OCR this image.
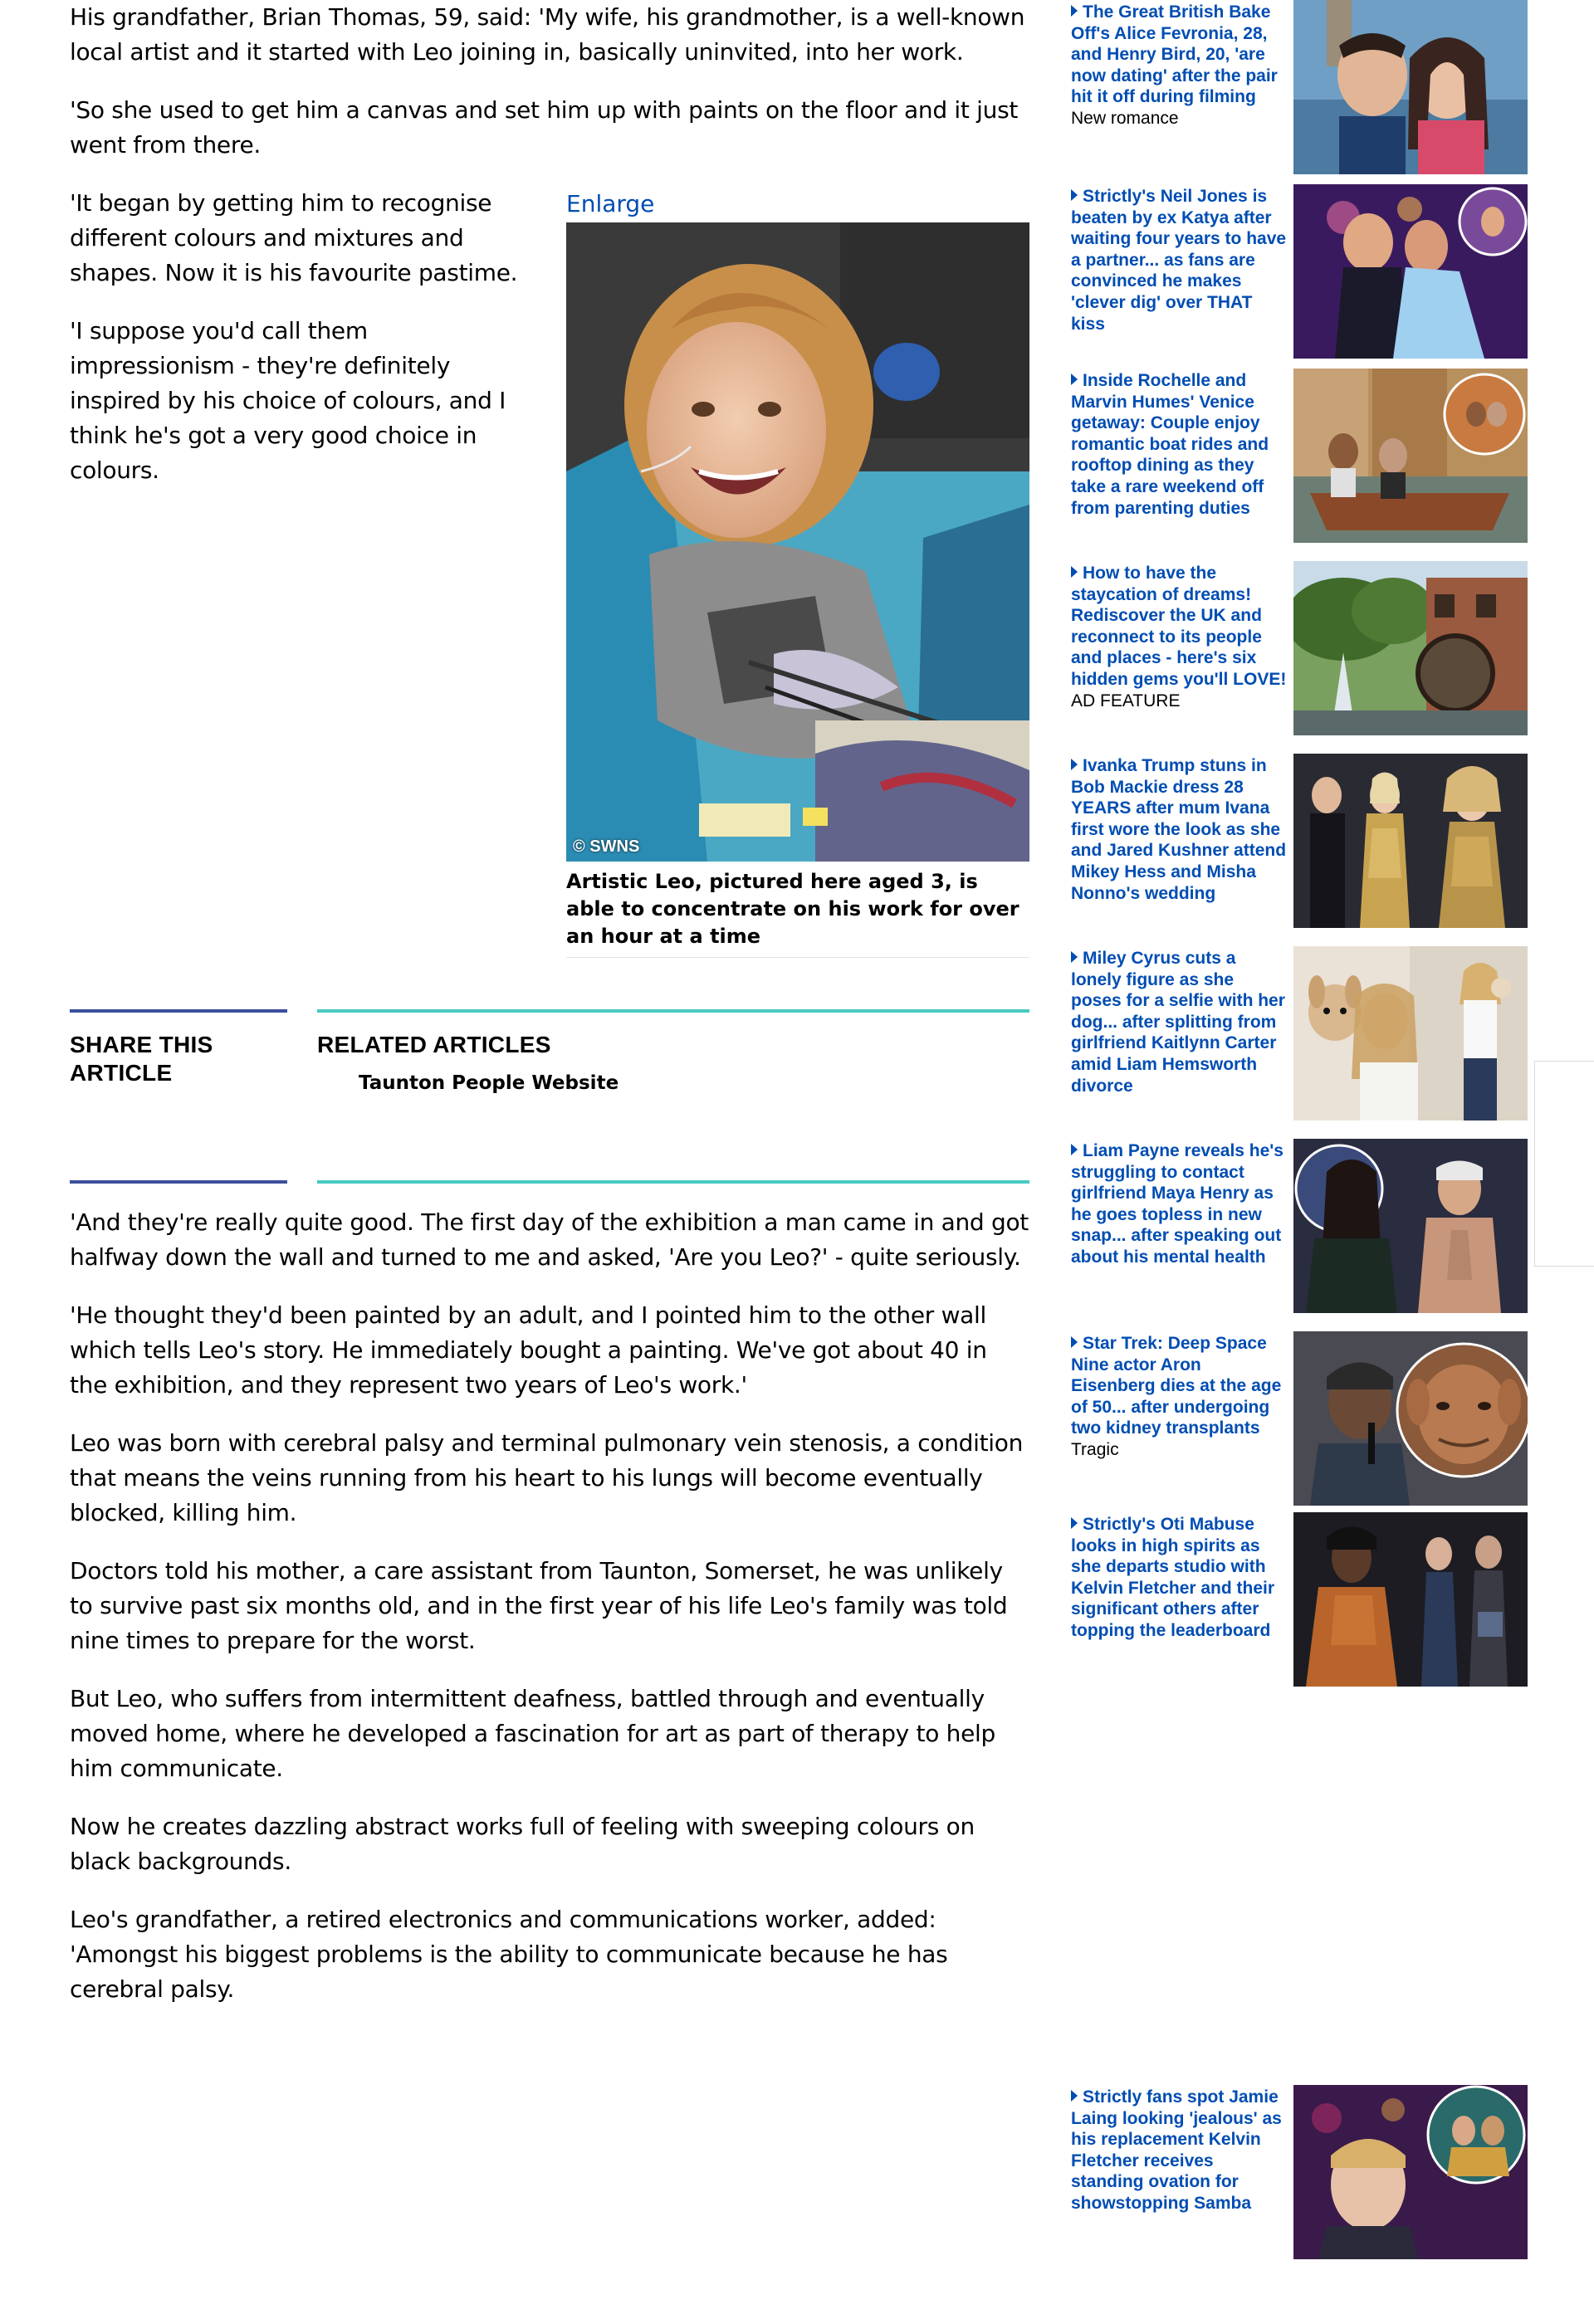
His grandfather, Brian Thomas, 59, said: 'My wife, his grandmother, is a well-known local artist and it started with Leo joining in, basically uninvited, into her work.

'So she used to get him a canvas and set him up with paints on the floor and it just went from there.

'It began by getting him to recognise different colours and mixtures and shapes. Now it is his favourite pastime.

'I suppose you'd call them impressionism - they're definitely inspired by his choice of colours, and I think he's got a very good choice in colours.

Enlarge
© SWNS
Artistic Leo, pictured here aged 3, is able to concentrate on his work for over an hour at a time
SHARE THIS ARTICLE
RELATED ARTICLES
Taunton People Website

'And they're really quite good. The first day of the exhibition a man came in and got halfway down the wall and turned to me and asked, 'Are you Leo?' - quite seriously.

'He thought they'd been painted by an adult, and I pointed him to the other wall which tells Leo's story. He immediately bought a painting. We've got about 40 in the exhibition, and they represent two years of Leo's work.'

Leo was born with cerebral palsy and terminal pulmonary vein stenosis, a condition that means the veins running from his heart to his lungs will become eventually blocked, killing him.

Doctors told his mother, a care assistant from Taunton, Somerset, he was unlikely to survive past six months old, and in the first year of his life Leo's family was told nine times to prepare for the worst.

But Leo, who suffers from intermittent deafness, battled through and eventually moved home, where he developed a fascination for art as part of therapy to help him communicate.

Now he creates dazzling abstract works full of feeling with sweeping colours on black backgrounds.

Leo's grandfather, a retired electronics and communications worker, added: 'Amongst his biggest problems is the ability to communicate because he has cerebral palsy.

The Great British Bake Off's Alice Fevronia, 28, and Henry Bird, 20, 'are now dating' after the pair hit it off during filming
New romance
Strictly's Neil Jones is beaten by ex Katya after waiting four years to have a partner... as fans are convinced he makes 'clever dig' over THAT kiss
Inside Rochelle and Marvin Humes' Venice getaway: Couple enjoy romantic boat rides and rooftop dining as they take a rare weekend off from parenting duties
How to have the staycation of dreams! Rediscover the UK and reconnect to its people and places - here's six hidden gems you'll LOVE!
AD FEATURE
Ivanka Trump stuns in Bob Mackie dress 28 YEARS after mum Ivana first wore the look as she and Jared Kushner attend Mikey Hess and Misha Nonno's wedding
Miley Cyrus cuts a lonely figure as she poses for a selfie with her dog... after splitting from girlfriend Kaitlynn Carter amid Liam Hemsworth divorce
Liam Payne reveals he's struggling to contact girlfriend Maya Henry as he goes topless in new snap... after speaking out about his mental health
Star Trek: Deep Space Nine actor Aron Eisenberg dies at the age of 50... after undergoing two kidney transplants
Tragic
Strictly's Oti Mabuse looks in high spirits as she departs studio with Kelvin Fletcher and their significant others after topping the leaderboard
Strictly fans spot Jamie Laing looking 'jealous' as his replacement Kelvin Fletcher receives standing ovation for showstopping Samba
